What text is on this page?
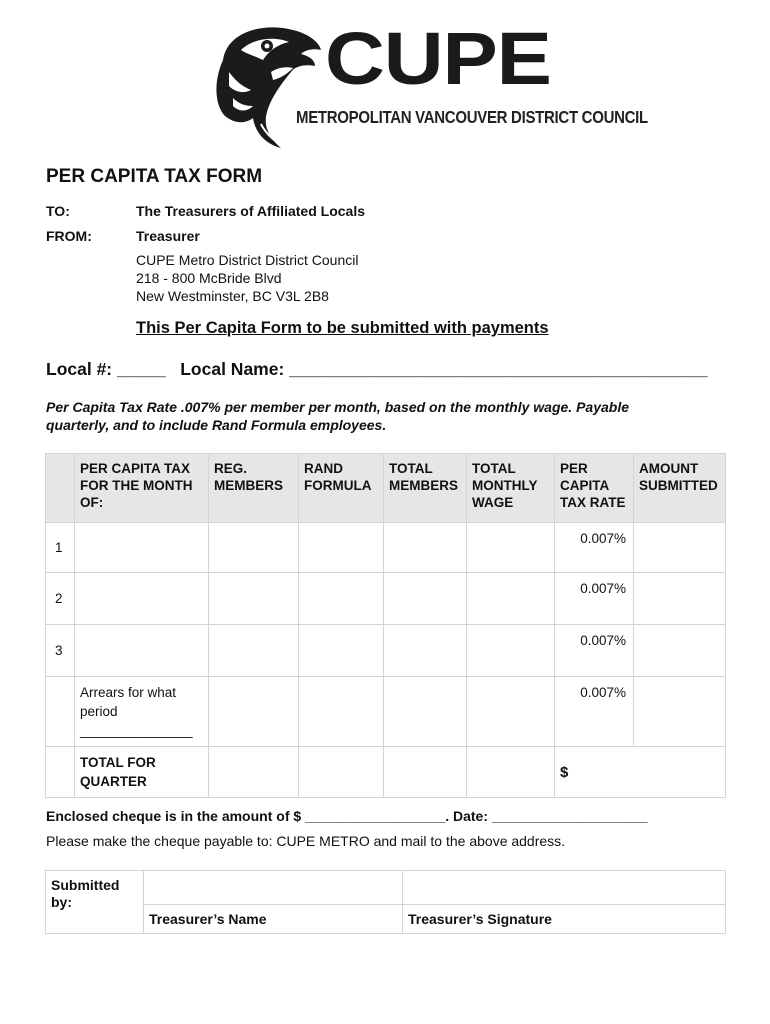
CUPE
METROPOLITAN VANCOUVER DISTRICT COUNCIL
PER CAPITA TAX FORM
TO:	The Treasurers of Affiliated Locals
FROM:	Treasurer
CUPE Metro District District Council
218 - 800 McBride Blvd
New Westminster, BC V3L 2B8
This Per Capita Form to be submitted with payments
Local #: _____   Local Name: ___________________________________________
Per Capita Tax Rate .007% per member per month, based on the monthly wage. Payable quarterly, and to include Rand Formula employees.
	PER CAPITA TAX FOR THE MONTH OF:	REG. MEMBERS	RAND FORMULA	TOTAL MEMBERS	TOTAL MONTHLY WAGE	PER CAPITA TAX RATE	AMOUNT SUBMITTED
1						0.007%	
2						0.007%	
3						0.007%	
	Arrears for what period _______________					0.007%	
	TOTAL FOR QUARTER					$	
Enclosed cheque is in the amount of $ __________________. Date: ____________________
Please make the cheque payable to: CUPE METRO and mail to the above address.
Submitted by:		
	Treasurer’s Name	Treasurer’s Signature
